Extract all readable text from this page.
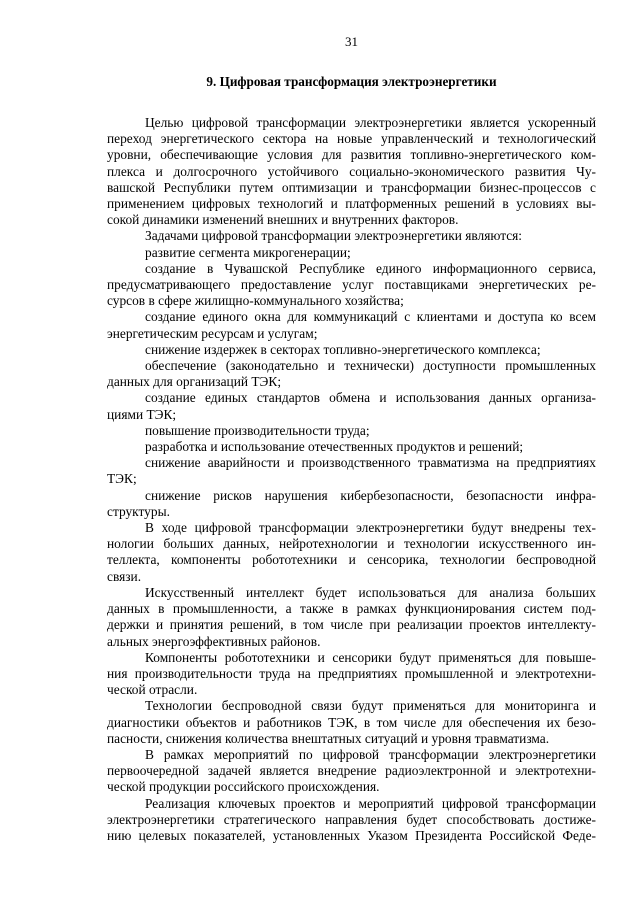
31
9. Цифровая трансформация электроэнергетики
Целью цифровой трансформации электроэнергетики является ускоренный
переход энергетического сектора на новые управленческий и технологический
уровни, обеспечивающие условия для развития топливно-энергетического ком-
плекса и долгосрочного устойчивого социально-экономического развития Чу-
вашской Республики путем оптимизации и трансформации бизнес-процессов с
применением цифровых технологий и платформенных решений в условиях вы-
сокой динамики изменений внешних и внутренних факторов.
Задачами цифровой трансформации электроэнергетики являются:
развитие сегмента микрогенерации;
создание в Чувашской Республике единого информационного сервиса,
предусматривающего предоставление услуг поставщиками энергетических ре-
сурсов в сфере жилищно-коммунального хозяйства;
создание единого окна для коммуникаций с клиентами и доступа ко всем
энергетическим ресурсам и услугам;
снижение издержек в секторах топливно-энергетического комплекса;
обеспечение (законодательно и технически) доступности промышленных
данных для организаций ТЭК;
создание единых стандартов обмена и использования данных организа-
циями ТЭК;
повышение производительности труда;
разработка и использование отечественных продуктов и решений;
снижение аварийности и производственного травматизма на предприятиях
ТЭК;
снижение рисков нарушения кибербезопасности, безопасности инфра-
структуры.
В ходе цифровой трансформации электроэнергетики будут внедрены тех-
нологии больших данных, нейротехнологии и технологии искусственного ин-
теллекта, компоненты робототехники и сенсорика, технологии беспроводной
связи.
Искусственный интеллект будет использоваться для анализа больших
данных в промышленности, а также в рамках функционирования систем под-
держки и принятия решений, в том числе при реализации проектов интеллекту-
альных энергоэффективных районов.
Компоненты робототехники и сенсорики будут применяться для повыше-
ния производительности труда на предприятиях промышленной и электротехни-
ческой отрасли.
Технологии беспроводной связи будут применяться для мониторинга и
диагностики объектов и работников ТЭК, в том числе для обеспечения их безо-
пасности, снижения количества внештатных ситуаций и уровня травматизма.
В рамках мероприятий по цифровой трансформации электроэнергетики
первоочередной задачей является внедрение радиоэлектронной и электротехни-
ческой продукции российского происхождения.
Реализация ключевых проектов и мероприятий цифровой трансформации
электроэнергетики стратегического направления будет способствовать достиже-
нию целевых показателей, установленных Указом Президента Российской Феде-
